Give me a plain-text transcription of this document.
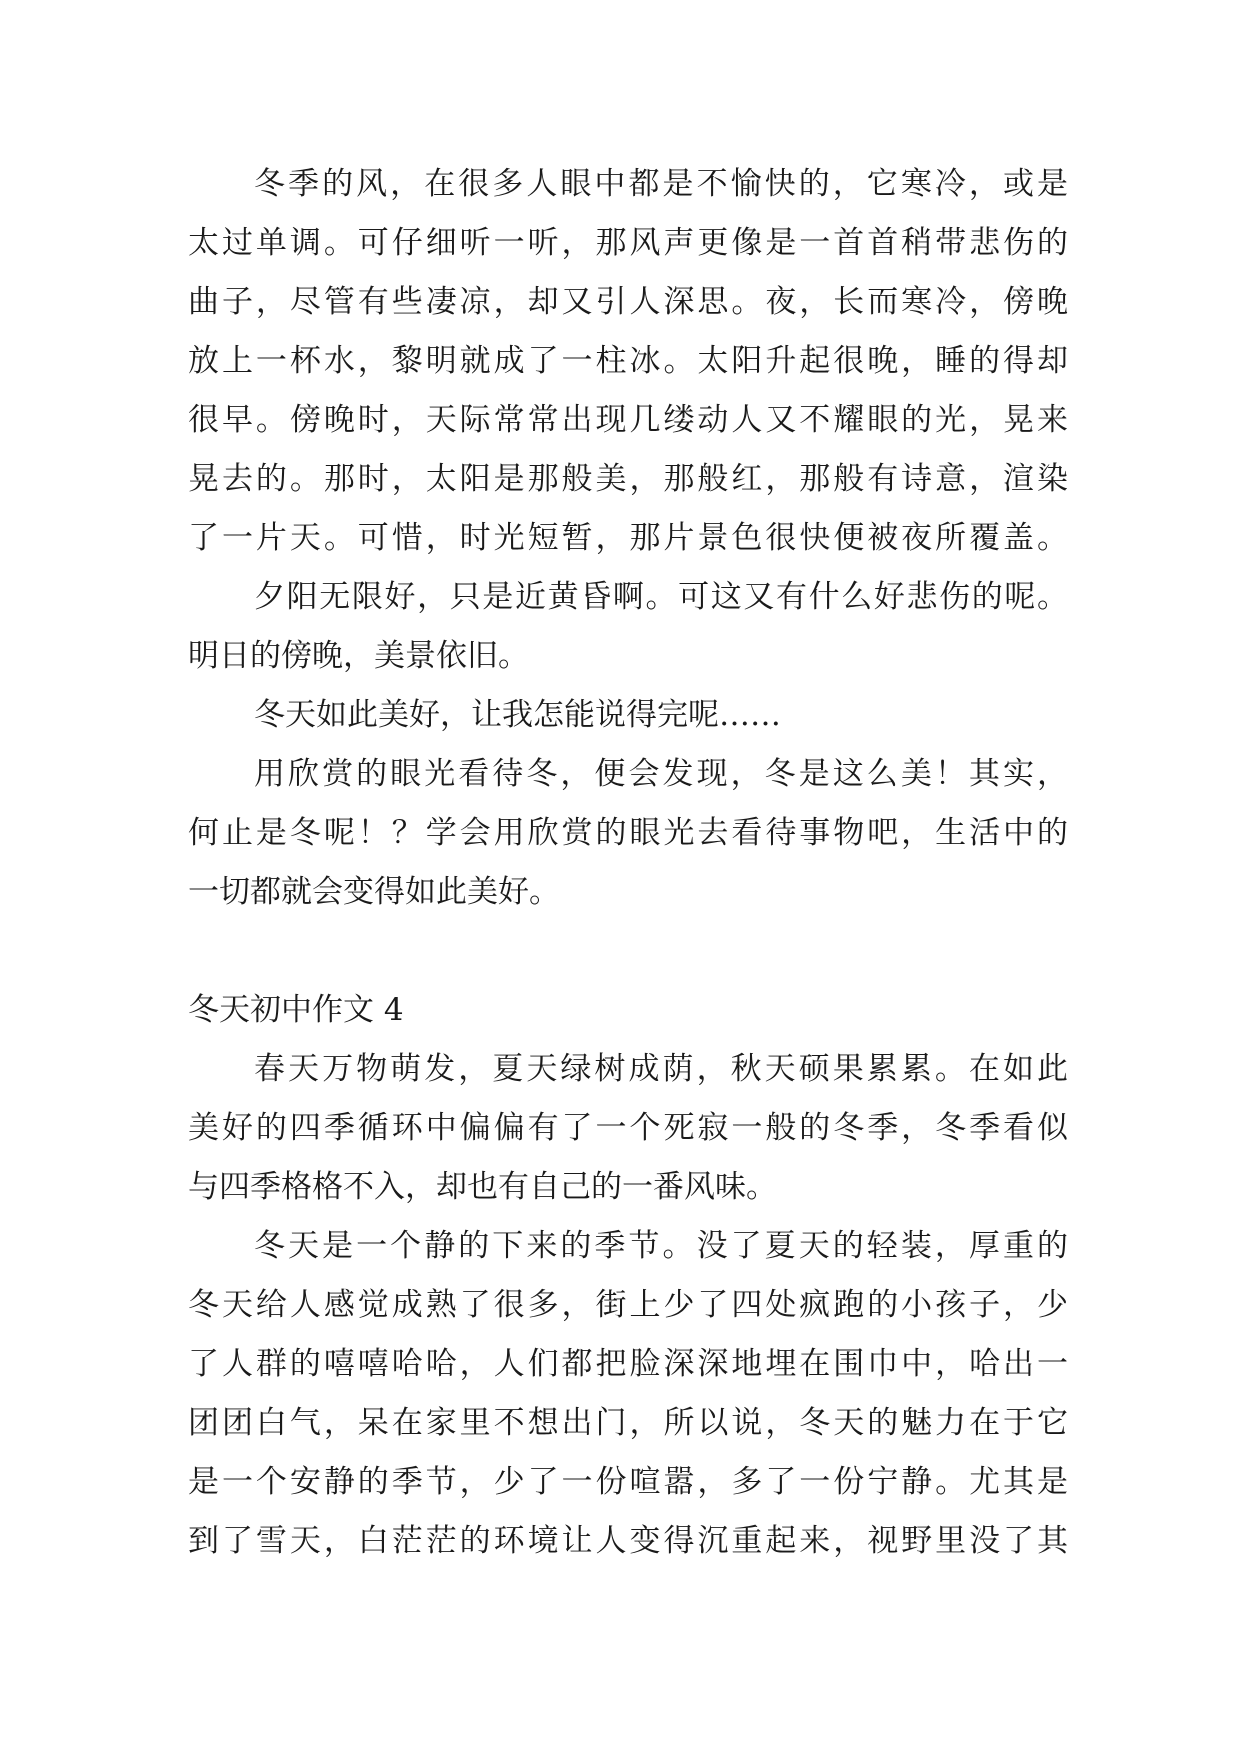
冬季的风，在很多人眼中都是不愉快的，它寒冷，或是
太过单调。可仔细听一听，那风声更像是一首首稍带悲伤的
曲子，尽管有些凄凉，却又引人深思。夜，长而寒冷，傍晚
放上一杯水，黎明就成了一柱冰。太阳升起很晚，睡的得却
很早。傍晚时，天际常常出现几缕动人又不耀眼的光，晃来
晃去的。那时，太阳是那般美，那般红，那般有诗意，渲染
了一片天。可惜，时光短暂，那片景色很快便被夜所覆盖。
夕阳无限好，只是近黄昏啊。可这又有什么好悲伤的呢。
明日的傍晚，美景依旧。
冬天如此美好，让我怎能说得完呢……
用欣赏的眼光看待冬，便会发现，冬是这么美！其实，
何止是冬呢！？学会用欣赏的眼光去看待事物吧，生活中的
一切都就会变得如此美好。
冬天初中作文 4
春天万物萌发，夏天绿树成荫，秋天硕果累累。在如此
美好的四季循环中偏偏有了一个死寂一般的冬季，冬季看似
与四季格格不入，却也有自己的一番风味。
冬天是一个静的下来的季节。没了夏天的轻装，厚重的
冬天给人感觉成熟了很多，街上少了四处疯跑的小孩子，少
了人群的嘻嘻哈哈，人们都把脸深深地埋在围巾中，哈出一
团团白气，呆在家里不想出门，所以说，冬天的魅力在于它
是一个安静的季节，少了一份喧嚣，多了一份宁静。尤其是
到了雪天，白茫茫的环境让人变得沉重起来，视野里没了其
